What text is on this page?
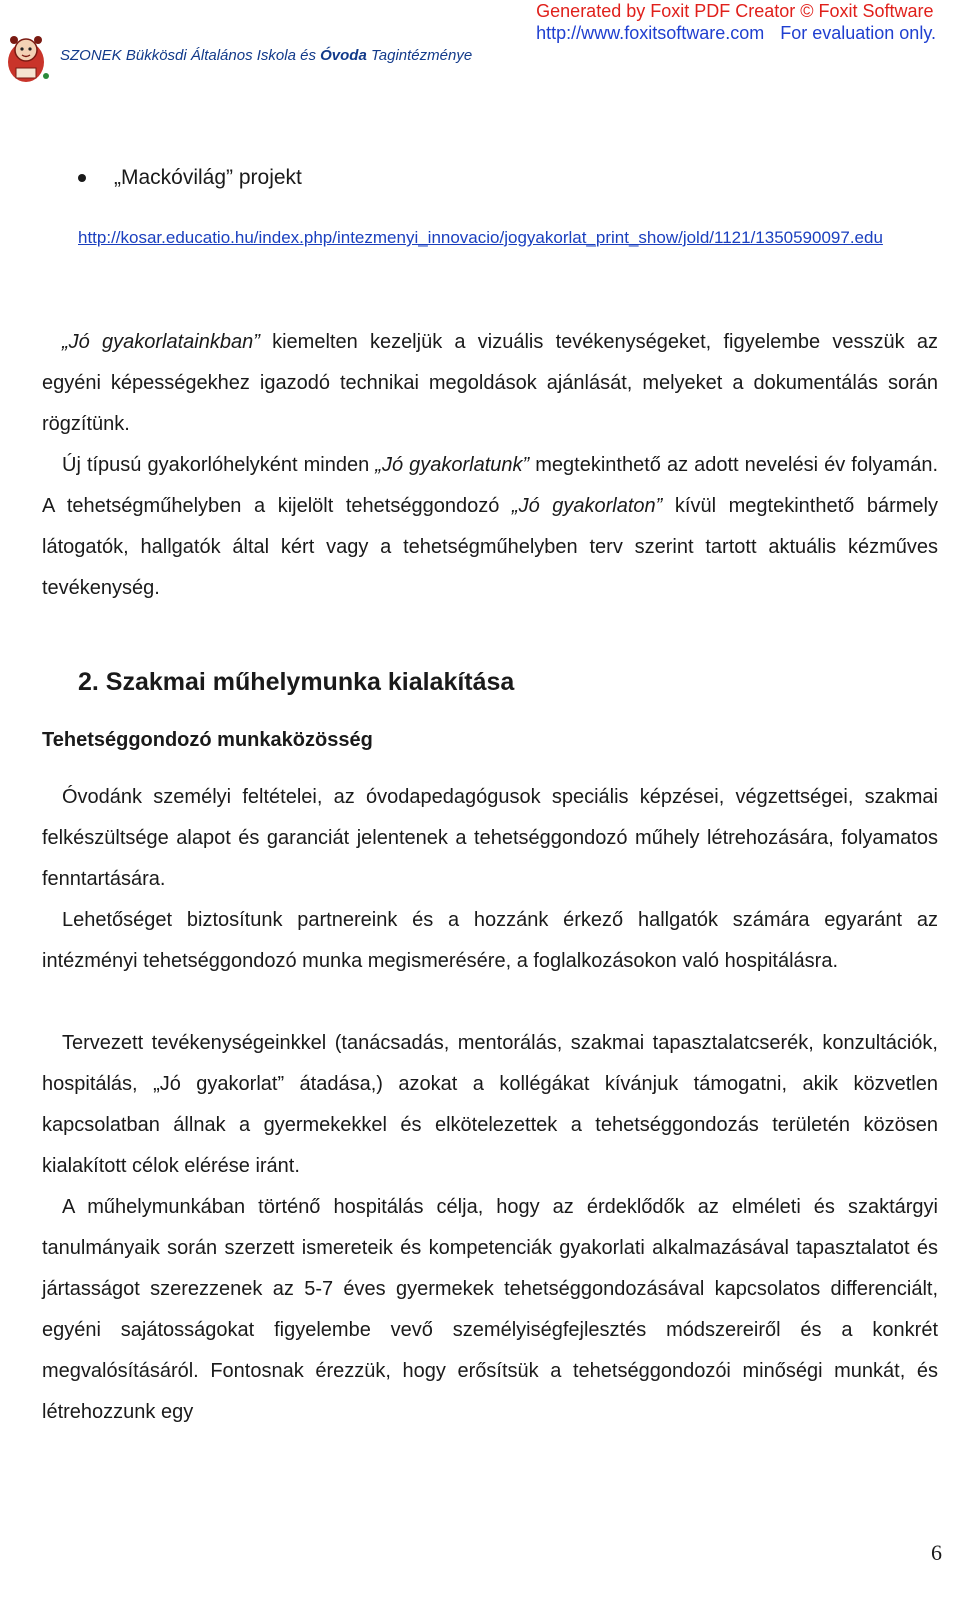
SZONEK Bükkösdi Általános Iskola és Óvoda Tagintézménye
Generated by Foxit PDF Creator © Foxit Software
http://www.foxitsoftware.com For evaluation only.
„Mackóvilág” projekt
http://kosar.educatio.hu/index.php/intezmenyi_innovacio/jogyakorlat_print_show/jold/1121/1350590097.edu

„Jó gyakorlatainkban” kiemelten kezeljük a vizuális tevékenységeket, figyelembe vesszük az egyéni képességekhez igazodó technikai megoldások ajánlását, melyeket a dokumentálás során rögzítünk.

Új típusú gyakorlóhelyként minden „Jó gyakorlatunk” megtekinthető az adott nevelési év folyamán. A tehetségműhelyben a kijelölt tehetséggondozó „Jó gyakorlaton” kívül megtekinthető bármely látogatók, hallgatók által kért vagy a tehetségműhelyben terv szerint tartott aktuális kézműves tevékenység.

2. Szakmai műhelymunka kialakítása
Tehetséggondozó munkaközösség

Óvodánk személyi feltételei, az óvodapedagógusok speciális képzései, végzettségei, szakmai felkészültsége alapot és garanciát jelentenek a tehetséggondozó műhely létrehozására, folyamatos fenntartására.

Lehetőséget biztosítunk partnereink és a hozzánk érkező hallgatók számára egyaránt az intézményi tehetséggondozó munka megismerésére, a foglalkozásokon való hospitálásra.

Tervezett tevékenységeinkkel (tanácsadás, mentorálás, szakmai tapasztalatcserék, konzultációk, hospitálás, „Jó gyakorlat” átadása,) azokat a kollégákat kívánjuk támogatni, akik közvetlen kapcsolatban állnak a gyermekekkel és elkötelezettek a tehetséggondozás területén közösen kialakított célok elérése iránt.

A műhelymunkában történő hospitálás célja, hogy az érdeklődők az elméleti és szaktárgyi tanulmányaik során szerzett ismereteik és kompetenciák gyakorlati alkalmazásával tapasztalatot és jártasságot szerezzenek az 5-7 éves gyermekek tehetséggondozásával kapcsolatos differenciált, egyéni sajátosságokat figyelembe vevő személyiségfejlesztés módszereiről és a konkrét megvalósításáról. Fontosnak érezzük, hogy erősítsük a tehetséggondozói minőségi munkát, és létrehozzunk egy

6
